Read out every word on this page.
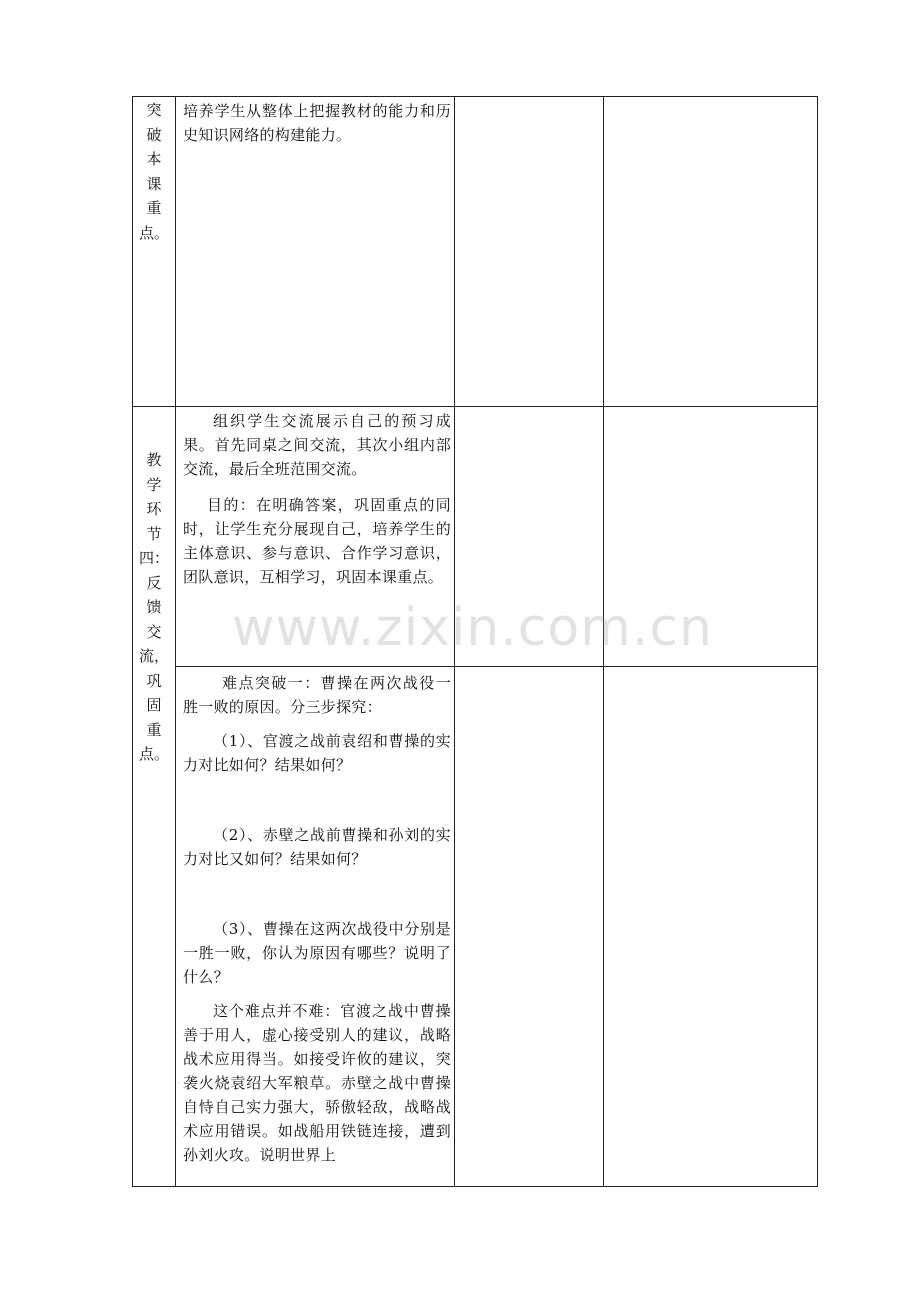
突
破
本
课
重
点。

培养学生从整体上把握教材的能力和历史知识网络的构建能力。

教
学
环
节
四：
反
馈
交
流，
巩
固
重
点。

组织学生交流展示自己的预习成果。首先同桌之间交流，其次小组内部交流，最后全班范围交流。

目的：在明确答案，巩固重点的同时，让学生充分展现自己，培养学生的主体意识、参与意识、合作学习意识，团队意识，互相学习，巩固本课重点。

难点突破一：曹操在两次战役一胜一败的原因。分三步探究：

（1）、官渡之战前袁绍和曹操的实力对比如何？结果如何？

（2）、赤壁之战前曹操和孙刘的实力对比又如何？结果如何？

（3）、曹操在这两次战役中分别是一胜一败，你认为原因有哪些？说明了什么？

这个难点并不难：官渡之战中曹操善于用人，虚心接受别人的建议，战略战术应用得当。如接受许攸的建议，突袭火烧袁绍大军粮草。赤壁之战中曹操自恃自己实力强大，骄傲轻敌，战略战术应用错误。如战船用铁链连接，遭到孙刘火攻。说明世界上

www.zixin.com.cn
